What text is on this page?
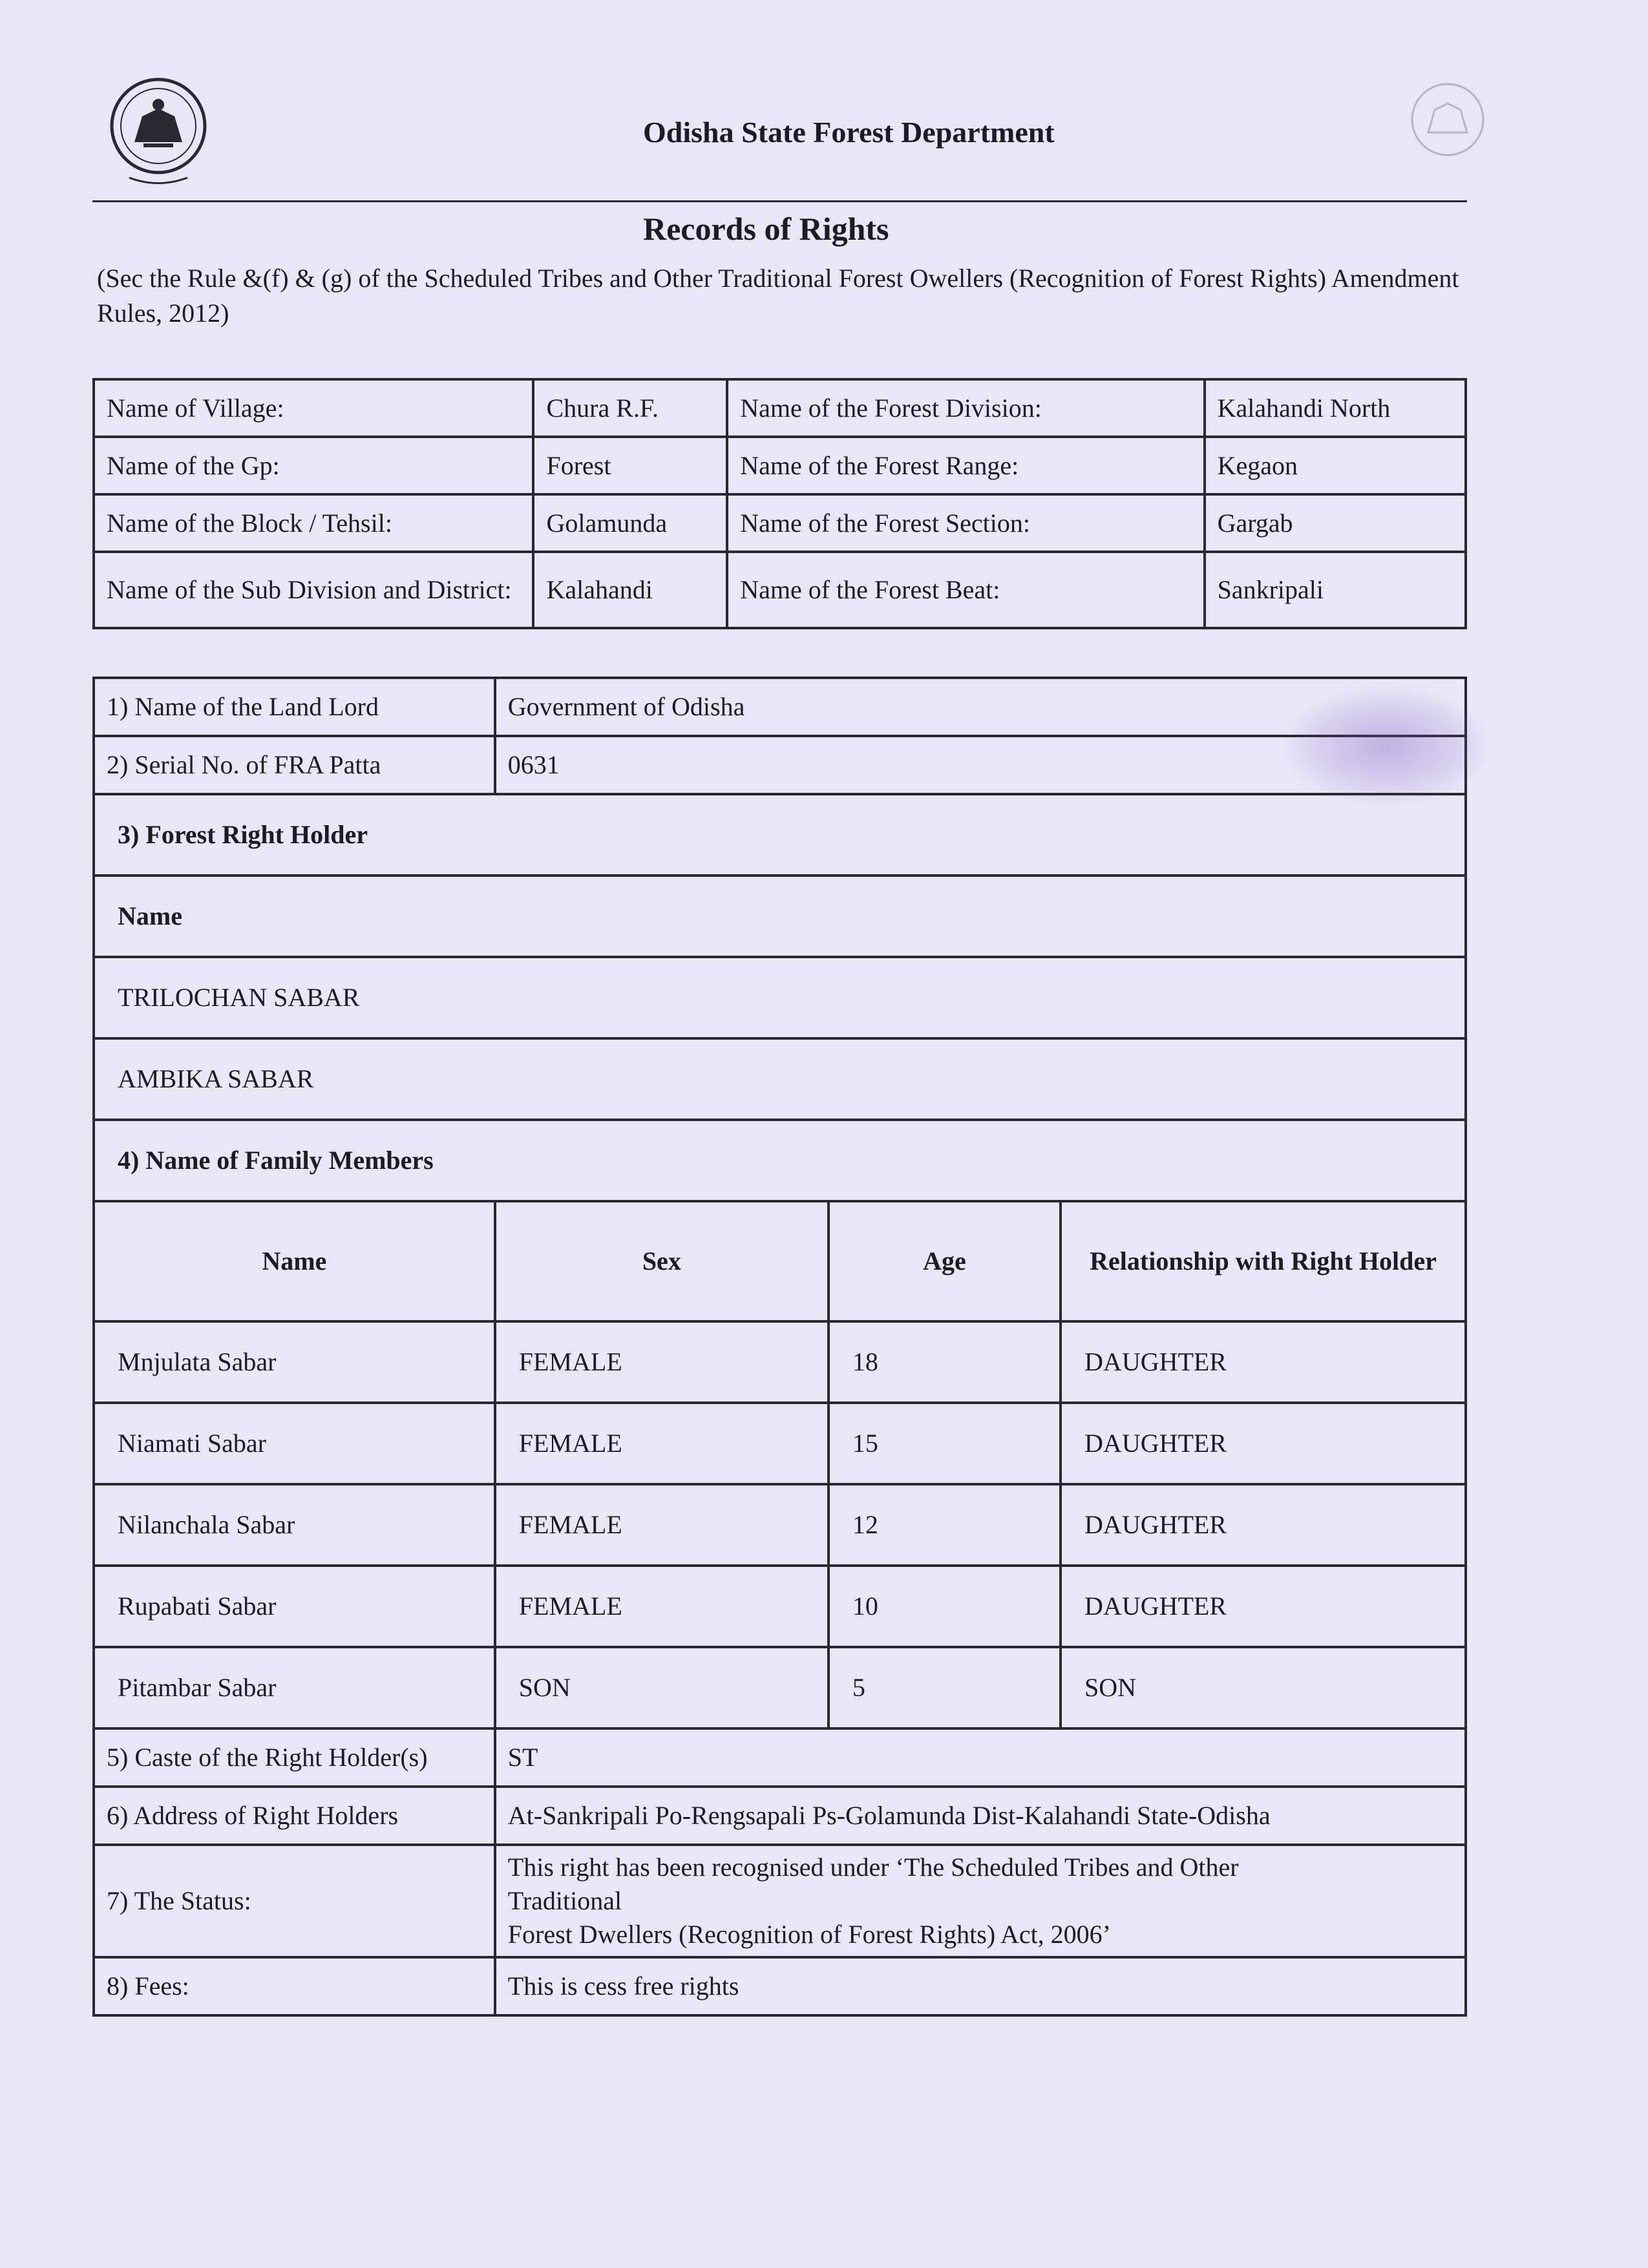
Odisha State Forest Department
Records of Rights
(Sec the Rule &(f) & (g) of the Scheduled Tribes and Other Traditional Forest Owellers (Recognition of Forest Rights) Amendment Rules, 2012)
Name of Village:	Chura R.F.	Name of the Forest Division:	Kalahandi North
Name of the Gp:	Forest	Name of the Forest Range:	Kegaon
Name of the Block / Tehsil:	Golamunda	Name of the Forest Section:	Gargab
Name of the Sub Division and District:	Kalahandi	Name of the Forest Beat:	Sankripali
1) Name of the Land Lord	Government of Odisha		
2) Serial No. of FRA Patta	0631		
3) Forest Right Holder			
Name			
TRILOCHAN SABAR			
AMBIKA SABAR			
4) Name of Family Members			
Name	Sex	Age	Relationship with Right Holder
Mnjulata Sabar	FEMALE	18	DAUGHTER
Niamati Sabar	FEMALE	15	DAUGHTER
Nilanchala Sabar	FEMALE	12	DAUGHTER
Rupabati Sabar	FEMALE	10	DAUGHTER
Pitambar Sabar	SON	5	SON
5) Caste of the Right Holder(s)	ST		
6) Address of Right Holders	At-Sankripali Po-Rengsapali Ps-Golamunda Dist-Kalahandi State-Odisha		
7) The Status:	This right has been recognised under ‘The Scheduled Tribes and Other
Traditional
Forest Dwellers (Recognition of Forest Rights) Act, 2006’		

8) Fees:	This is cess free rights		
